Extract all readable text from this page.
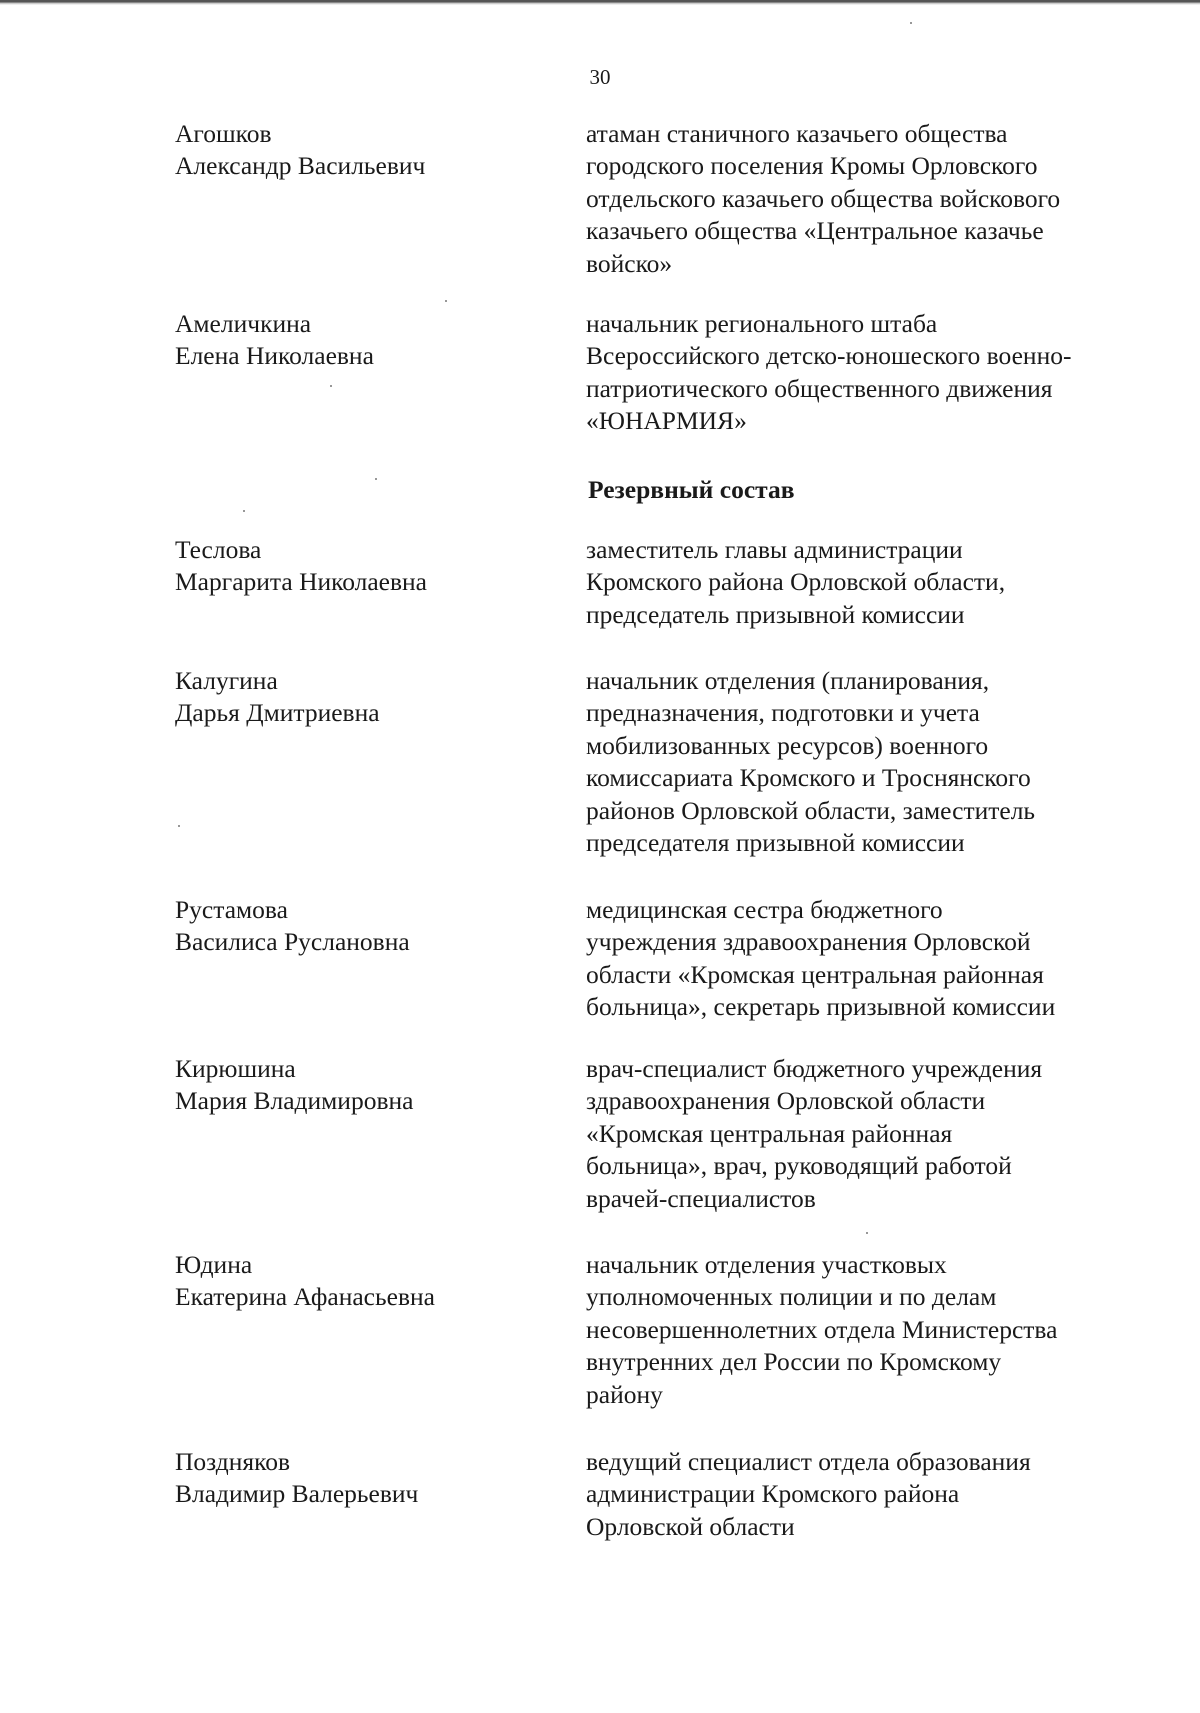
30
Агошков
Александр Васильевич
атаман станичного казачьего общества
городского поселения Кромы Орловского
отдельского казачьего общества войскового
казачьего общества «Центральное казачье
войско»
Амеличкина
Елена Николаевна
начальник регионального штаба
Всероссийского детско-юношеского военно-
патриотического общественного движения
«ЮНАРМИЯ»
Резервный состав
Теслова
Маргарита Николаевна
заместитель главы администрации
Кромского района Орловской области,
председатель призывной комиссии
Калугина
Дарья Дмитриевна
начальник отделения (планирования,
предназначения, подготовки и учета
мобилизованных ресурсов) военного
комиссариата Кромского и Троснянского
районов Орловской области, заместитель
председателя призывной комиссии
Рустамова
Василиса Руслановна
медицинская сестра бюджетного
учреждения здравоохранения Орловской
области «Кромская центральная районная
больница», секретарь призывной комиссии
Кирюшина
Мария Владимировна
врач-специалист бюджетного учреждения
здравоохранения Орловской области
«Кромская центральная районная
больница», врач, руководящий работой
врачей-специалистов
Юдина
Екатерина Афанасьевна
начальник отделения участковых
уполномоченных полиции и по делам
несовершеннолетних отдела Министерства
внутренних дел России по Кромскому
району
Поздняков
Владимир Валерьевич
ведущий специалист отдела образования
администрации Кромского района
Орловской области
